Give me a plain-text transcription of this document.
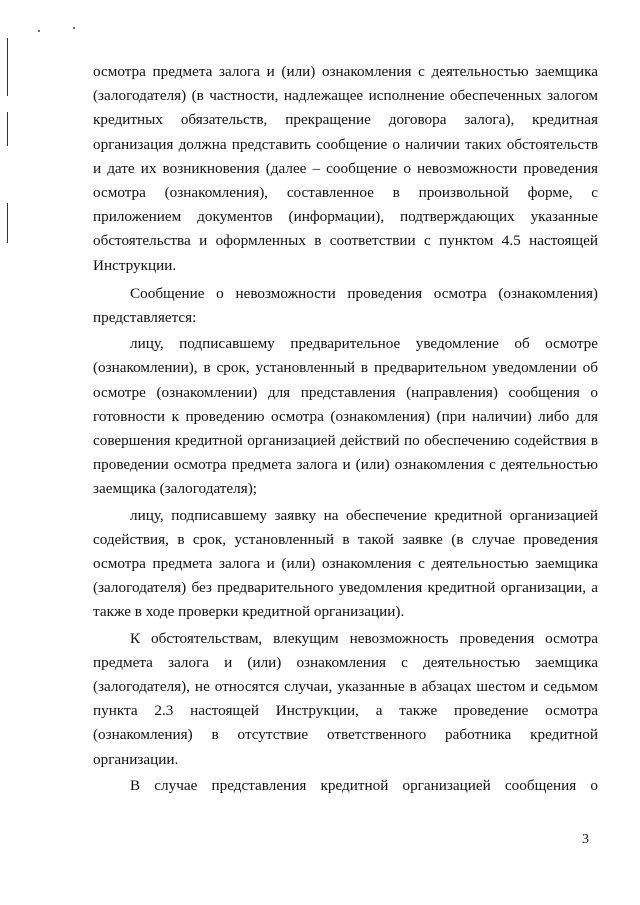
осмотра предмета залога и (или) ознакомления с деятельностью заемщика (залогодателя) (в частности, надлежащее исполнение обеспеченных залогом кредитных обязательств, прекращение договора залога), кредитная организация должна представить сообщение о наличии таких обстоятельств и дате их возникновения (далее – сообщение о невозможности проведения осмотра (ознакомления), составленное в произвольной форме, с приложением документов (информации), подтверждающих указанные обстоятельства и оформленных в соответствии с пунктом 4.5 настоящей Инструкции.

Сообщение о невозможности проведения осмотра (ознакомления) представляется:

лицу, подписавшему предварительное уведомление об осмотре (ознакомлении), в срок, установленный в предварительном уведомлении об осмотре (ознакомлении) для представления (направления) сообщения о готовности к проведению осмотра (ознакомления) (при наличии) либо для совершения кредитной организацией действий по обеспечению содействия в проведении осмотра предмета залога и (или) ознакомления с деятельностью заемщика (залогодателя);

лицу, подписавшему заявку на обеспечение кредитной организацией содействия, в срок, установленный в такой заявке (в случае проведения осмотра предмета залога и (или) ознакомления с деятельностью заемщика (залогодателя) без предварительного уведомления кредитной организации, а также в ходе проверки кредитной организации).

К обстоятельствам, влекущим невозможность проведения осмотра предмета залога и (или) ознакомления с деятельностью заемщика (залогодателя), не относятся случаи, указанные в абзацах шестом и седьмом пункта 2.3 настоящей Инструкции, а также проведение осмотра (ознакомления) в отсутствие ответственного работника кредитной организации.

В случае представления кредитной организацией сообщения о

3
